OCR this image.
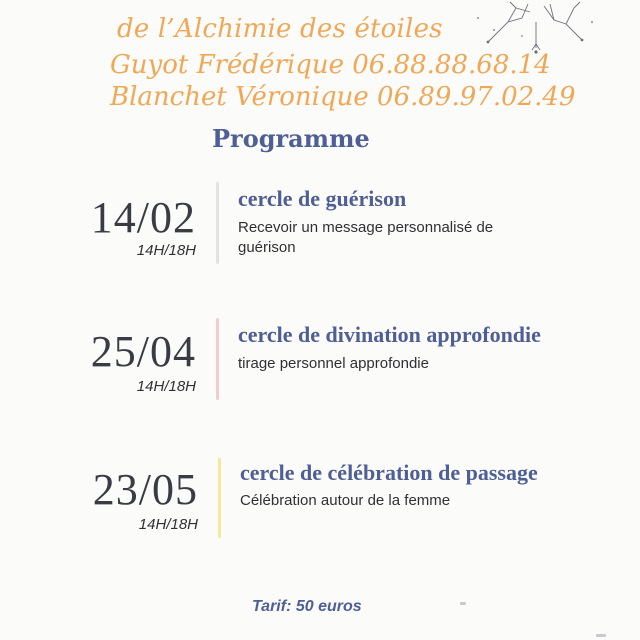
de l’Alchimie des étoiles
Guyot Frédérique 06.88.88.68.14
Blanchet Véronique 06.89.97.02.49
Programme
14/02
14H/18H
cercle de guérison
Recevoir un message personnalisé de guérison
25/04
14H/18H
cercle de divination approfondie
tirage personnel approfondie
23/05
14H/18H
cercle de célébration de passage
Célébration autour de la femme
Tarif: 50 euros
